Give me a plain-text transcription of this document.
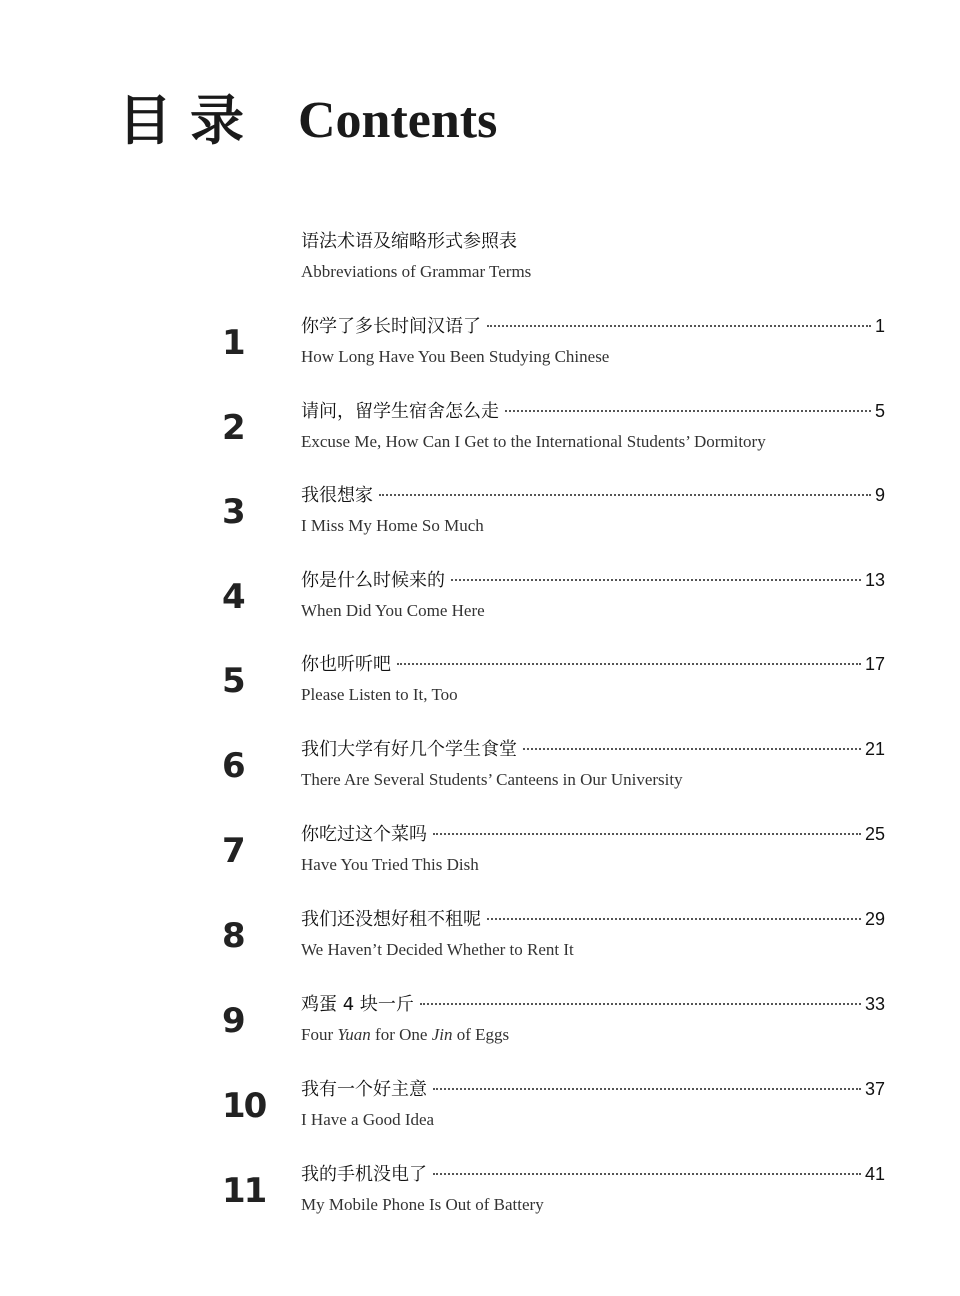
目录 Contents
语法术语及缩略形式参照表
Abbreviations of Grammar Terms
1	你学了多长时间汉语了	1
How Long Have You Been Studying Chinese
2	请问，留学生宿舍怎么走	5
Excuse Me, How Can I Get to the International Students’ Dormitory
3	我很想家	9
I Miss My Home So Much
4	你是什么时候来的	13
When Did You Come Here
5	你也听听吧	17
Please Listen to It, Too
6	我们大学有好几个学生食堂	21
There Are Several Students’ Canteens in Our University
7	你吃过这个菜吗	25
Have You Tried This Dish
8	我们还没想好租不租呢	29
We Haven’t Decided Whether to Rent It
9	鸡蛋 4 块一斤	33
Four Yuan for One Jin of Eggs
10 我有一个好主意	37
I Have a Good Idea
11 我的手机没电了	41
My Mobile Phone Is Out of Battery
